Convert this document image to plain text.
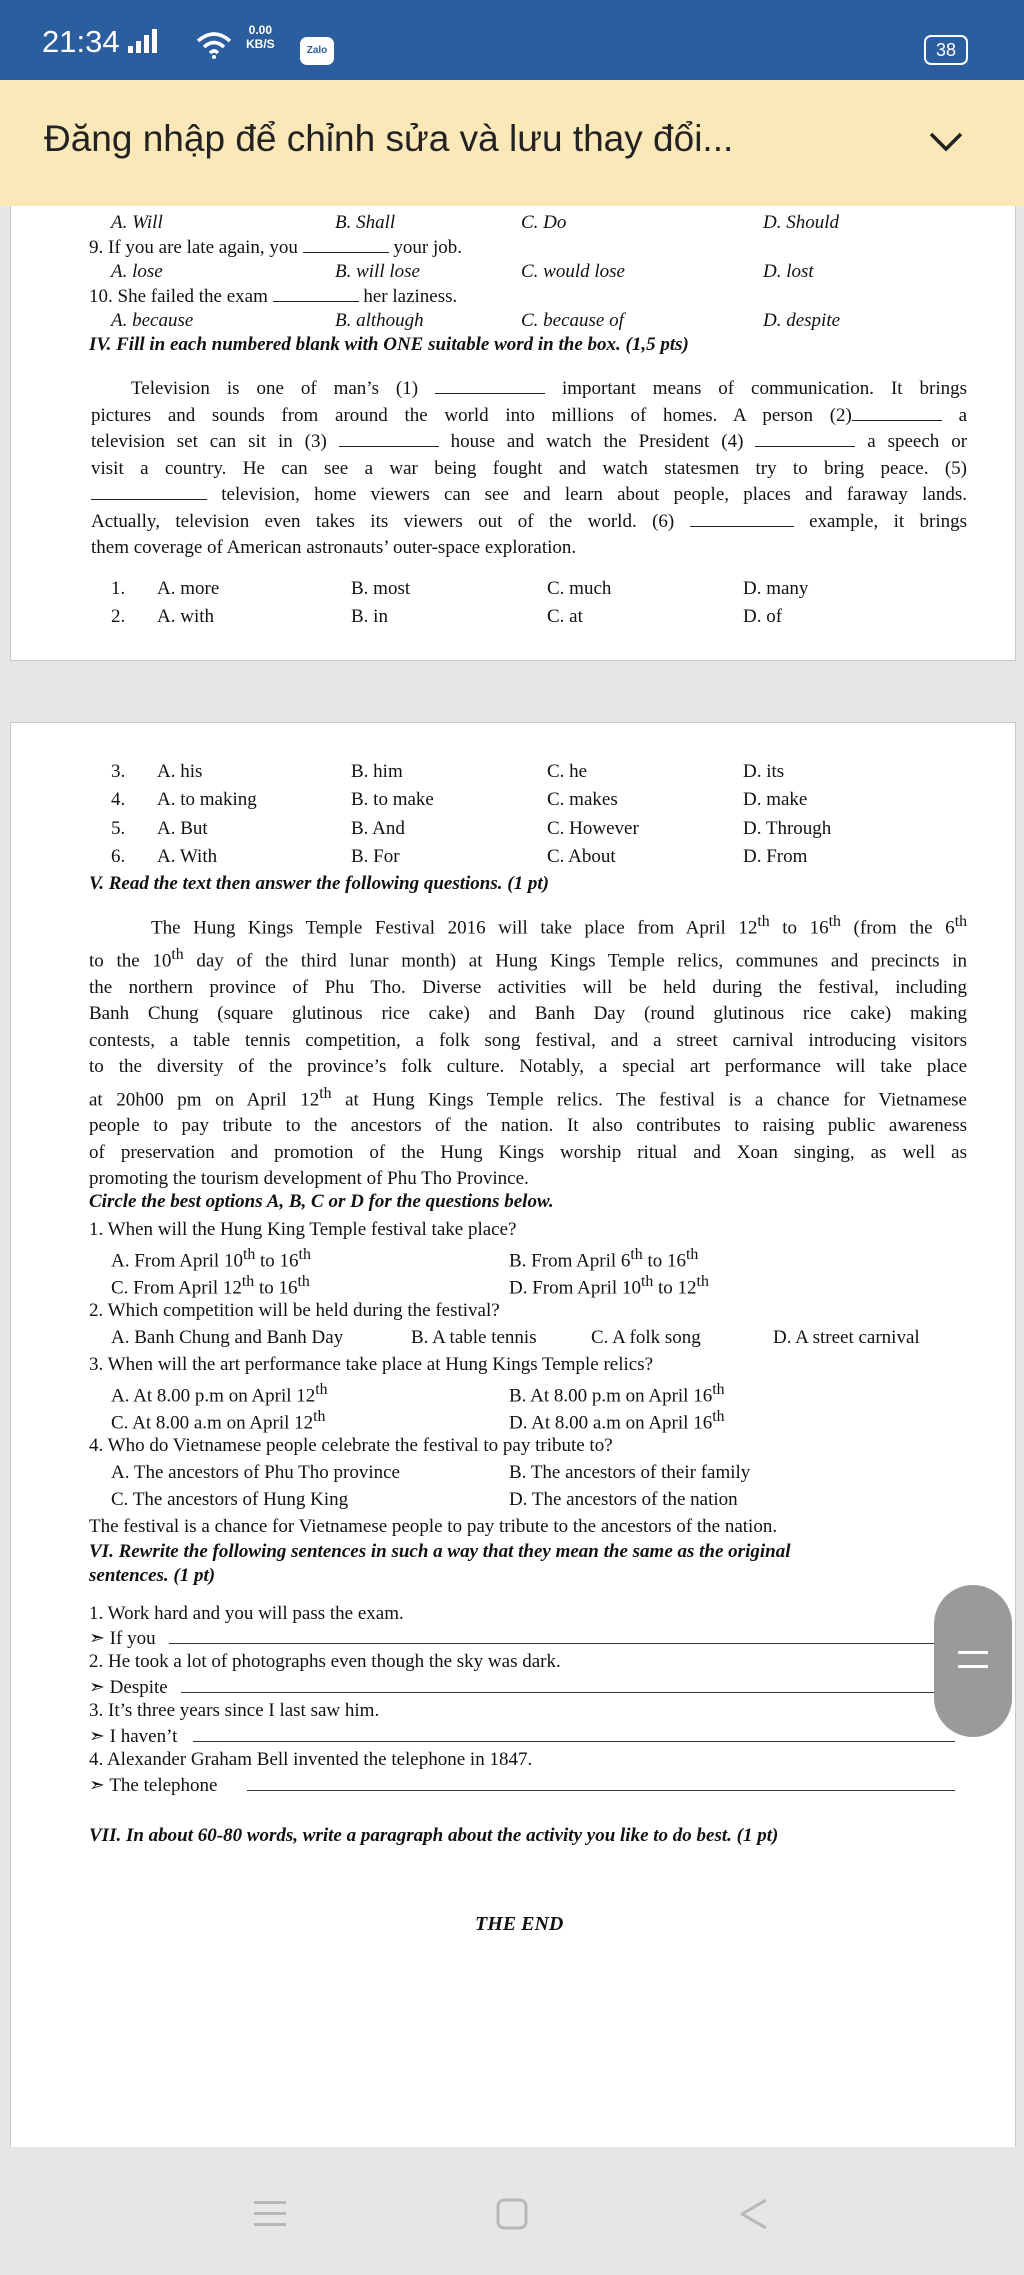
21:34	0.00
KB/S	Zalo	38
Đăng nhập để chỉnh sửa và lưu thay đổi...
A. Will	B. Shall	C. Do	D. Should
9. If you are late again, you	your job.
A. lose	B. will lose	C. would lose	D. lost
10. She failed the exam	her laziness.
A. because	B. although	C. because of	D. despite
IV. Fill in each numbered blank with ONE suitable word in the box. (1,5 pts)
Television is one of man’s (1)	important means of communication. It brings
pictures and sounds from around the world into millions of homes. A person (2)	a
television set can sit in (3)	house and watch the President (4)	a speech or
visit a country. He can see a war being fought and watch statesmen try to bring peace. (5)
television, home viewers can see and learn about people, places and faraway lands.
Actually, television even takes its viewers out of the world. (6)	example, it brings
them coverage of American astronauts’ outer-space exploration.
1. A. more	B. most	C. much	D. many
2. A. with	B. in	C. at	D. of
3. A. his	B. him	C. he	D. its
4. A. to making	B. to make	C. makes	D. make
5. A. But	B. And	C. However	D. Through
6. A. With	B. For	C. About	D. From
V. Read the text then answer the following questions. (1 pt)
The Hung Kings Temple Festival 2016 will take place from April 12th to 16th (from the 6th
to the 10th day of the third lunar month) at Hung Kings Temple relics, communes and precincts in
the northern province of Phu Tho. Diverse activities will be held during the festival, including
Banh Chung (square glutinous rice cake) and Banh Day (round glutinous rice cake) making
contests, a table tennis competition, a folk song festival, and a street carnival introducing visitors
to the diversity of the province’s folk culture. Notably, a special art performance will take place
at 20h00 pm on April 12th at Hung Kings Temple relics. The festival is a chance for Vietnamese
people to pay tribute to the ancestors of the nation. It also contributes to raising public awareness
of preservation and promotion of the Hung Kings worship ritual and Xoan singing, as well as
promoting the tourism development of Phu Tho Province.
Circle the best options A, B, C or D for the questions below.
1. When will the Hung King Temple festival take place?
A. From April 10th to 16th	B. From April 6th to 16th
C. From April 12th to 16th	D. From April 10th to 12th
2. Which competition will be held during the festival?
A. Banh Chung and Banh Day	B. A table tennis	C. A folk song	D. A street carnival
3. When will the art performance take place at Hung Kings Temple relics?
A. At 8.00 p.m on April 12th	B. At 8.00 p.m on April 16th
C. At 8.00 a.m on April 12th	D. At 8.00 a.m on April 16th
4. Who do Vietnamese people celebrate the festival to pay tribute to?
A. The ancestors of Phu Tho province	B. The ancestors of their family
C. The ancestors of Hung King	D. The ancestors of the nation
The festival is a chance for Vietnamese people to pay tribute to the ancestors of the nation.
VI. Rewrite the following sentences in such a way that they mean the same as the original
sentences. (1 pt)
1. Work hard and you will pass the exam.
➣ If you
2. He took a lot of photographs even though the sky was dark.
➣ Despite
3. It’s three years since I last saw him.
➣ I haven’t
4. Alexander Graham Bell invented the telephone in 1847.
➣ The telephone
VII. In about 60-80 words, write a paragraph about the activity you like to do best. (1 pt)
THE END
